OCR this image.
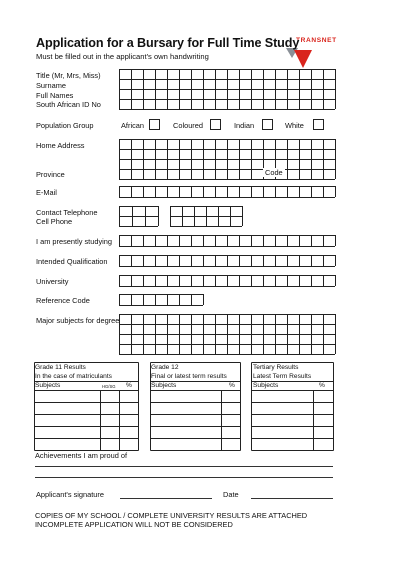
TRANSNET
Application for a Bursary for Full Time Study
Must be filled out in the applicant's own handwriting
Title (Mr, Mrs, Miss)
Surname
Full Names
South African ID No
Population Group	African	Coloured	Indian	White
Home Address
Province	Code
E-Mail
Contact Telephone
Cell Phone
I am presently studying
Intended Qualification
University
Reference Code
Major subjects for degree
Grade 11 Results
In the case of matriculants
Subjects	HG/SG %
Grade 12
Final or latest term results
Subjects	%
Tertiary Results
Latest Term Results
Subjects	%
Achievements I am proud of
Applicant's signature	Date
COPIES OF MY SCHOOL / COMPLETE UNIVERSITY RESULTS ARE ATTACHED
INCOMPLETE APPLICATION WILL NOT BE CONSIDERED
